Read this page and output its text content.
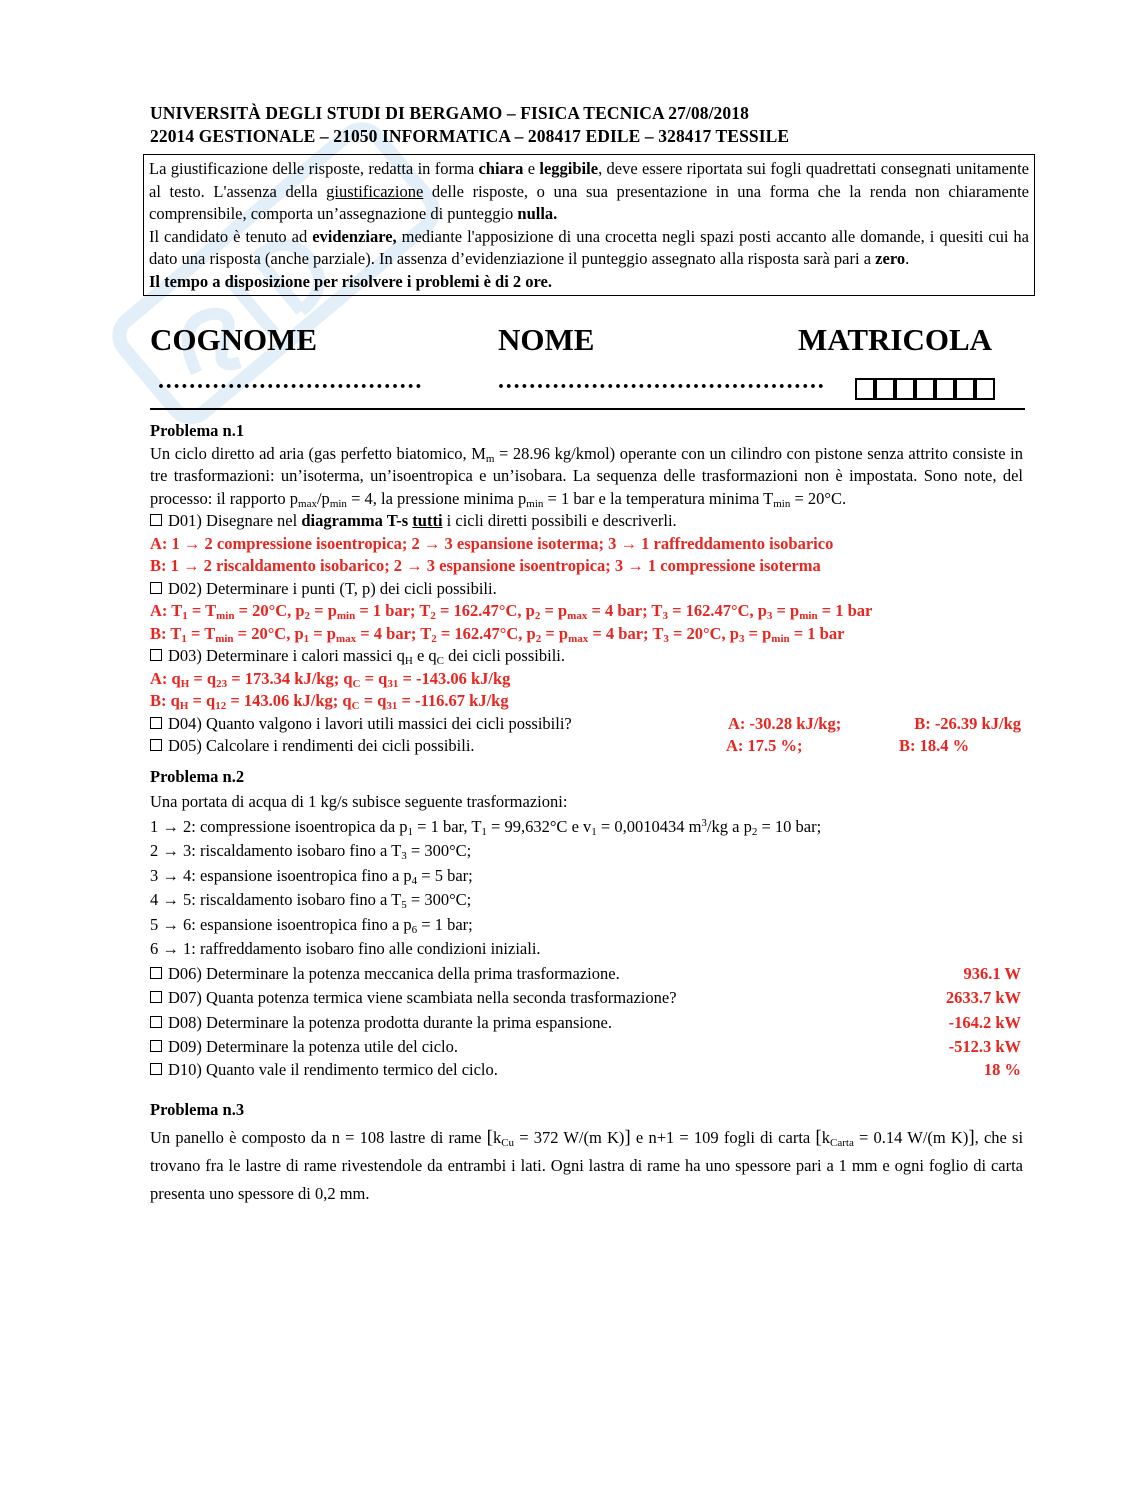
UNIVERSITÀ DEGLI STUDI DI BERGAMO – FISICA TECNICA 27/08/2018
22014 GESTIONALE – 21050 INFORMATICA – 208417 EDILE – 328417 TESSILE
La giustificazione delle risposte, redatta in forma chiara e leggibile, deve essere riportata sui fogli quadrettati consegnati unitamente al testo. L'assenza della giustificazione delle risposte, o una sua presentazione in una forma che la renda non chiaramente comprensibile, comporta un’assegnazione di punteggio nulla.
Il candidato è tenuto ad evidenziare, mediante l'apposizione di una crocetta negli spazi posti accanto alle domande, i quesiti cui ha dato una risposta (anche parziale). In assenza d’evidenziazione il punteggio assegnato alla risposta sarà pari a zero.
Il tempo a disposizione per risolvere i problemi è di 2 ore.
COGNOME	NOME	MATRICOLA
..................................	..........................................
Problema n.1
Un ciclo diretto ad aria (gas perfetto biatomico, $M_m = 28.96$ kg/kmol) operante con un cilindro con pistone senza attrito consiste in tre trasformazioni: un’isoterma, un’isoentropica e un’isobara. La sequenza delle trasformazioni non è impostata. Sono note, del processo: il rapporto $p_{max}/p_{min} = 4$, la pressione minima $p_{min} = 1$ bar e la temperatura minima $T_{min} = 20^\circ C$.
D01) Disegnare nel diagramma T-s tutti i cicli diretti possibili e descriverli.
A: 1 → 2 compressione isoentropica; 2 → 3 espansione isoterma; 3 → 1 raffreddamento isobarico
B: 1 → 2 riscaldamento isobarico; 2 → 3 espansione isoentropica; 3 → 1 compressione isoterma
D02) Determinare i punti (T, p) dei cicli possibili.
A: $T_1 = T_{min} = 20^\circ C$, $p_2 = p_{min} = 1$ bar; $T_2 = 162.47^\circ C$, $p_2 = p_{max} = 4$ bar; $T_3 = 162.47^\circ C$, $p_3 = p_{min} = 1$ bar
B: $T_1 = T_{min} = 20^\circ C$, $p_1 = p_{max} = 4$ bar; $T_2 = 162.47^\circ C$, $p_2 = p_{max} = 4$ bar; $T_3 = 20^\circ C$, $p_3 = p_{min} = 1$ bar
D03) Determinare i calori massici $q_H$ e $q_C$ dei cicli possibili.
A: $q_H = q_{23} = 173.34$ kJ/kg; $q_C = q_{31} = -143.06$ kJ/kg
B: $q_H = q_{12} = 143.06$ kJ/kg; $q_C = q_{31} = -116.67$ kJ/kg
D04) Quanto valgono i lavori utili massici dei cicli possibili?	A: -30.28 kJ/kg;	B: -26.39 kJ/kg
D05) Calcolare i rendimenti dei cicli possibili.	A: 17.5 %;	B: 18.4 %
Problema n.2
Una portata di acqua di 1 kg/s subisce seguente trasformazioni:
1 → 2: compressione isoentropica da $p_1 = 1$ bar, $T_1 = 99,632^\circ C$ e $v_1 = 0,0010434$ $m^3/kg$ a $p_2 = 10$ bar;
2 → 3: riscaldamento isobaro fino a $T_3 = 300^\circ C$;
3 → 4: espansione isoentropica fino a $p_4 = 5$ bar;
4 → 5: riscaldamento isobaro fino a $T_5 = 300^\circ C$;
5 → 6: espansione isoentropica fino a $p_6 = 1$ bar;
6 → 1: raffreddamento isobaro fino alle condizioni iniziali.
D06) Determinare la potenza meccanica della prima trasformazione.	936.1 W
D07) Quanta potenza termica viene scambiata nella seconda trasformazione?	2633.7 kW
D08) Determinare la potenza prodotta durante la prima espansione.	-164.2 kW
D09) Determinare la potenza utile del ciclo.	-512.3 kW
D10) Quanto vale il rendimento termico del ciclo.	18 %
Problema n.3
Un panello è composto da n = 108 lastre di rame [$k_{Cu} = 372$ W/(m K)] e n+1 = 109 fogli di carta [$k_{Carta} = 0.14$ W/(m K)], che si trovano fra le lastre di rame rivestendole da entrambi i lati. Ogni lastra di rame ha uno spessore pari a 1 mm e ogni foglio di carta presenta uno spessore di 0,2 mm.
